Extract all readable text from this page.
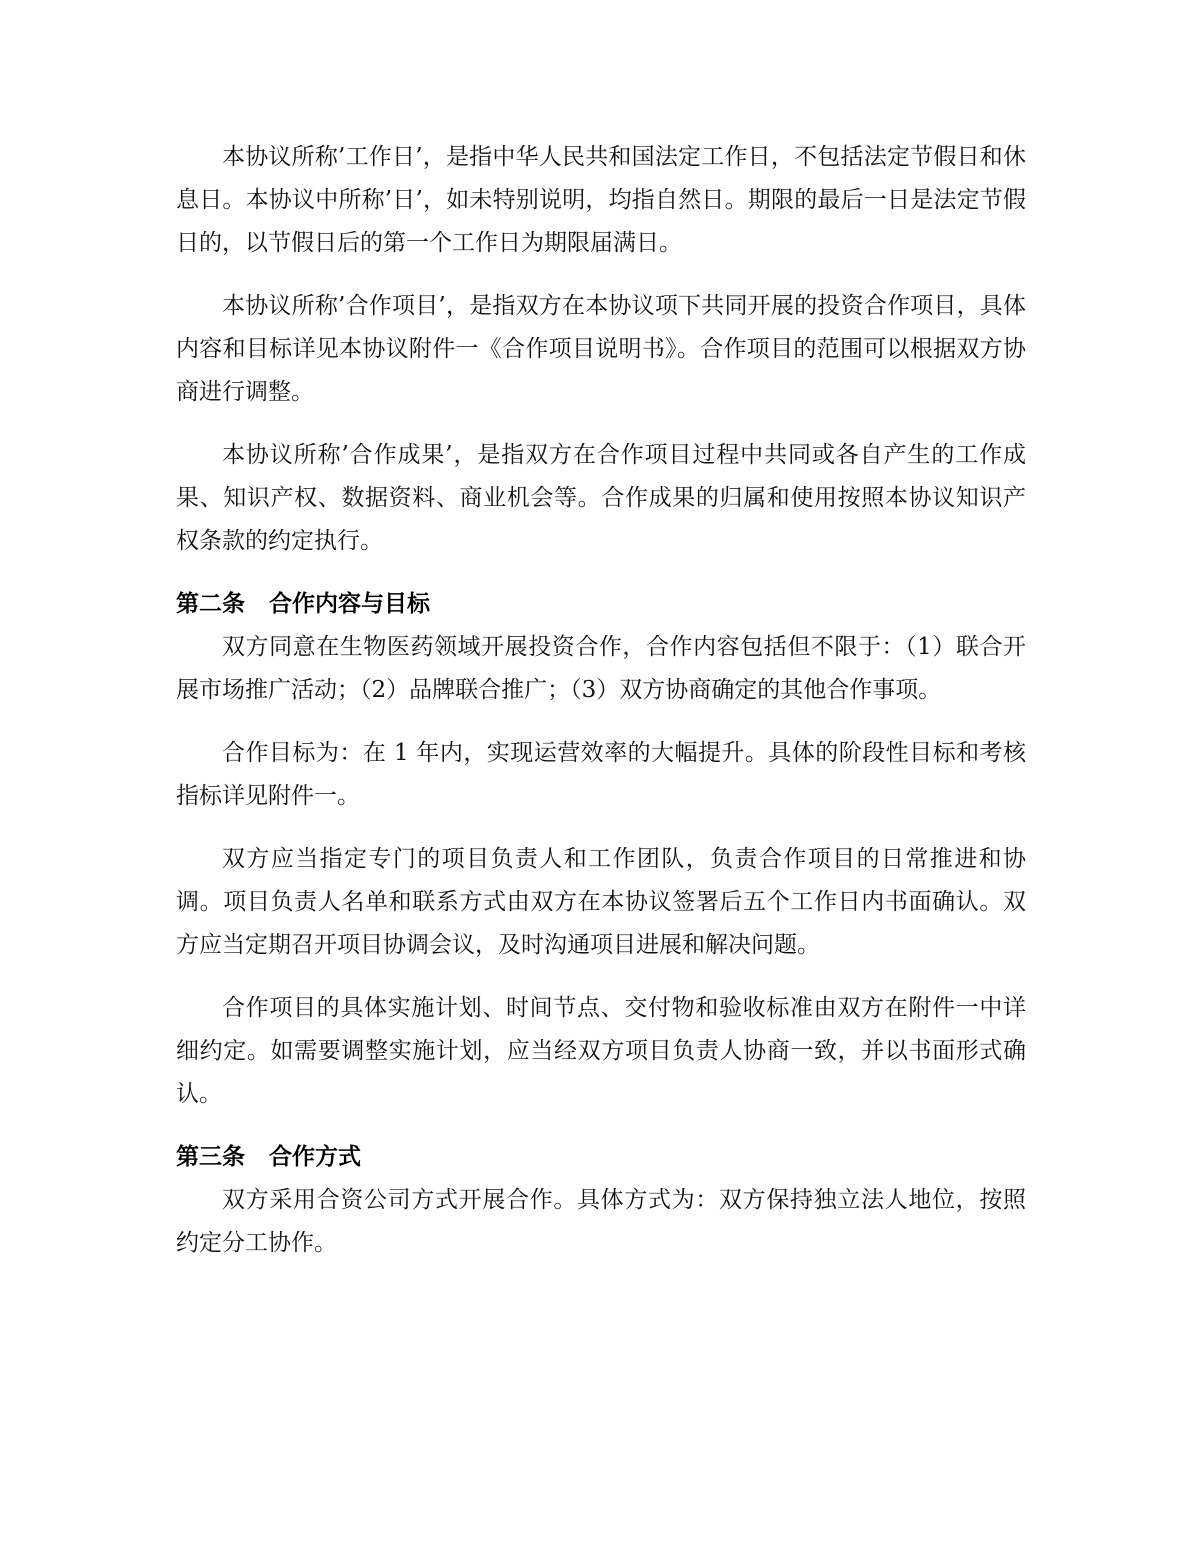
本协议所称’工作日’，是指中华人民共和国法定工作日，不包括法定节假日和休息日。本协议中所称’日’，如未特别说明，均指自然日。期限的最后一日是法定节假日的，以节假日后的第一个工作日为期限届满日。

本协议所称’合作项目’，是指双方在本协议项下共同开展的投资合作项目，具体内容和目标详见本协议附件一《合作项目说明书》。合作项目的范围可以根据双方协商进行调整。

本协议所称’合作成果’，是指双方在合作项目过程中共同或各自产生的工作成果、知识产权、数据资料、商业机会等。合作成果的归属和使用按照本协议知识产权条款的约定执行。

第二条 合作内容与目标

双方同意在生物医药领域开展投资合作，合作内容包括但不限于：（1）联合开展市场推广活动；（2）品牌联合推广；（3）双方协商确定的其他合作事项。

合作目标为：在 1 年内，实现运营效率的大幅提升。具体的阶段性目标和考核指标详见附件一。

双方应当指定专门的项目负责人和工作团队，负责合作项目的日常推进和协调。项目负责人名单和联系方式由双方在本协议签署后五个工作日内书面确认。双方应当定期召开项目协调会议，及时沟通项目进展和解决问题。

合作项目的具体实施计划、时间节点、交付物和验收标准由双方在附件一中详细约定。如需要调整实施计划，应当经双方项目负责人协商一致，并以书面形式确认。

第三条 合作方式

双方采用合资公司方式开展合作。具体方式为：双方保持独立法人地位，按照约定分工协作。
